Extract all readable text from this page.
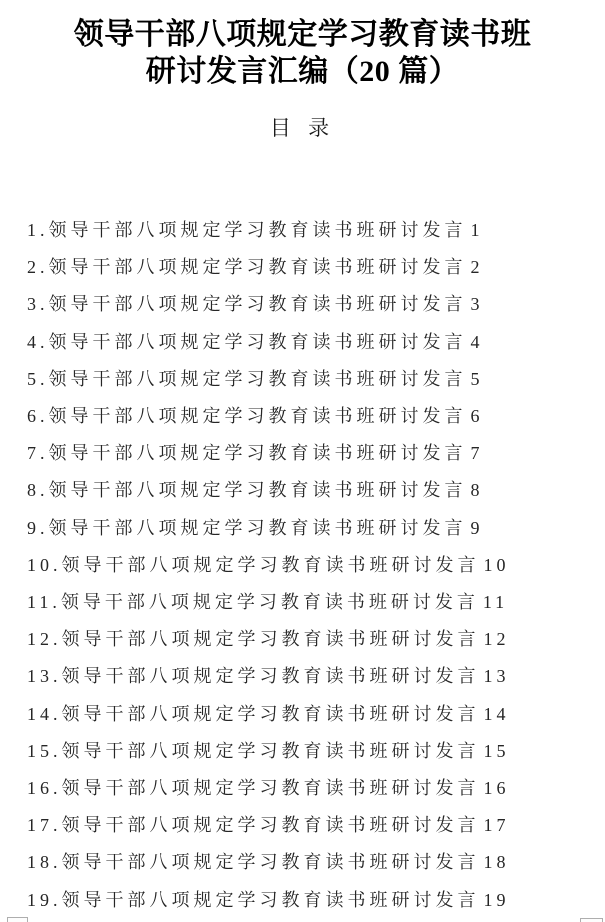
领导干部八项规定学习教育读书班
研讨发言汇编（20 篇）
目 录
1.领导干部八项规定学习教育读书班研讨发言 1
2.领导干部八项规定学习教育读书班研讨发言 2
3.领导干部八项规定学习教育读书班研讨发言 3
4.领导干部八项规定学习教育读书班研讨发言 4
5.领导干部八项规定学习教育读书班研讨发言 5
6.领导干部八项规定学习教育读书班研讨发言 6
7.领导干部八项规定学习教育读书班研讨发言 7
8.领导干部八项规定学习教育读书班研讨发言 8
9.领导干部八项规定学习教育读书班研讨发言 9
10.领导干部八项规定学习教育读书班研讨发言 10
11.领导干部八项规定学习教育读书班研讨发言 11
12.领导干部八项规定学习教育读书班研讨发言 12
13.领导干部八项规定学习教育读书班研讨发言 13
14.领导干部八项规定学习教育读书班研讨发言 14
15.领导干部八项规定学习教育读书班研讨发言 15
16.领导干部八项规定学习教育读书班研讨发言 16
17.领导干部八项规定学习教育读书班研讨发言 17
18.领导干部八项规定学习教育读书班研讨发言 18
19.领导干部八项规定学习教育读书班研讨发言 19
